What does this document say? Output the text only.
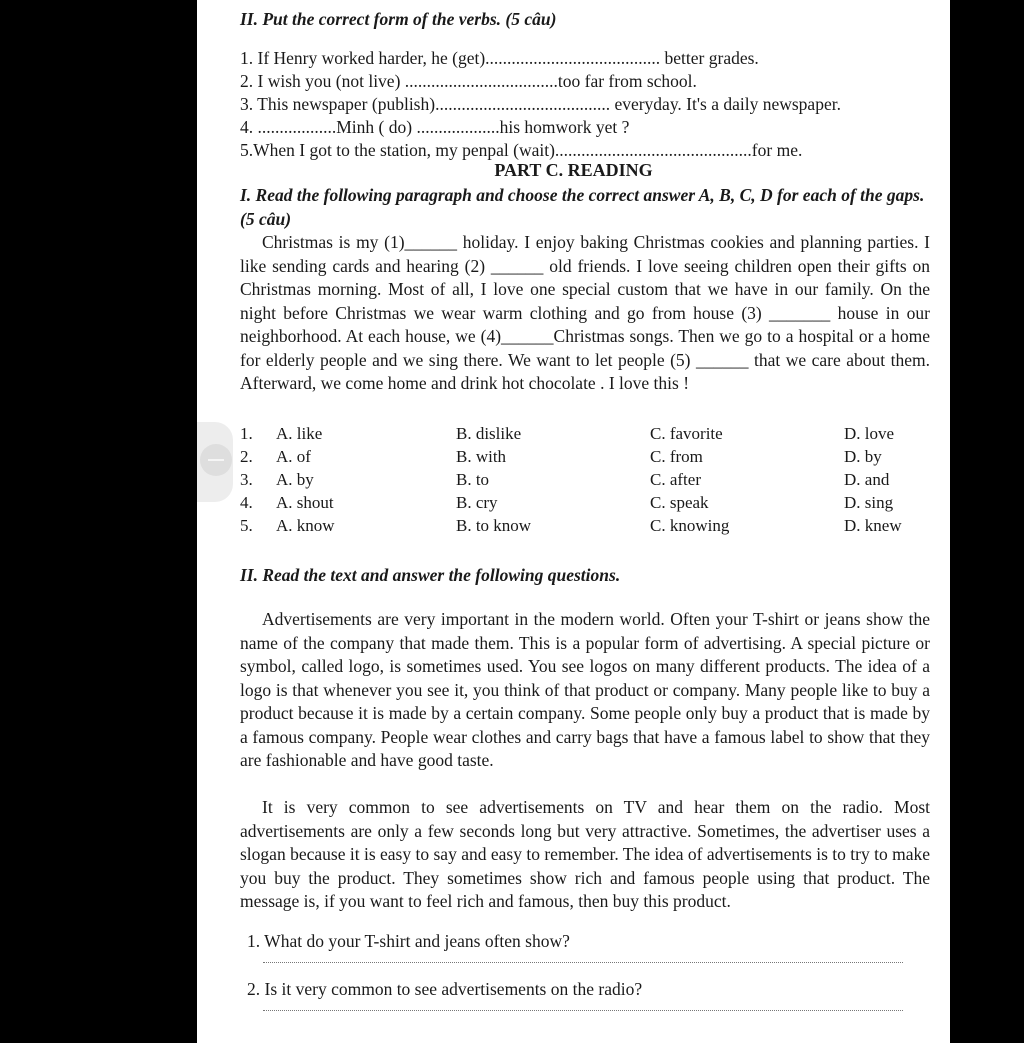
II. Put the correct form of the verbs. (5 câu)
1. If Henry worked harder, he (get)........................................ better grades.
2. I wish you (not live) ...................................too far from school.
3. This newspaper (publish)........................................ everyday. It's a daily newspaper.
4. ..................Minh ( do) ...................his homwork yet ?
5.When I got to the station, my penpal (wait).............................................for me.
PART C. READING
I. Read the following paragraph and choose the correct answer A, B, C, D for each of the gaps. (5 câu)
Christmas is my (1)______ holiday. I enjoy baking Christmas cookies and planning parties. I like sending cards and hearing (2) ______ old friends. I love seeing children open their gifts on Christmas morning. Most of all, I love one special custom that we have in our family. On the night before Christmas we wear warm clothing and go from house (3) _______ house in our neighborhood. At each house, we (4)______Christmas songs. Then we go to a hospital or a home for elderly people and we sing there. We want to let people (5) ______ that we care about them. Afterward, we come home and drink hot chocolate . I love this !
1. A. like	B. dislike	C. favorite	D. love
2. A. of	B. with	C. from	D. by
3. A. by	B. to	C. after	D. and
4. A. shout	B. cry	C. speak	D. sing
5. A. know	B. to know	C. knowing	D. knew
II. Read the text and answer the following questions.
Advertisements are very important in the modern world. Often your T-shirt or jeans show the name of the company that made them. This is a popular form of advertising. A special picture or symbol, called logo, is sometimes used. You see logos on many different products. The idea of a logo is that whenever you see it, you think of that product or company. Many people like to buy a product because it is made by a certain company. Some people only buy a product that is made by a famous company. People wear clothes and carry bags that have a famous label to show that they are fashionable and have good taste.
It is very common to see advertisements on TV and hear them on the radio. Most advertisements are only a few seconds long but very attractive. Sometimes, the advertiser uses a slogan because it is easy to say and easy to remember. The idea of advertisements is to try to make you buy the product. They sometimes show rich and famous people using that product. The message is, if you want to feel rich and famous, then buy this product.
1. What do your T-shirt and jeans often show?
2. Is it very common to see advertisements on the radio?
